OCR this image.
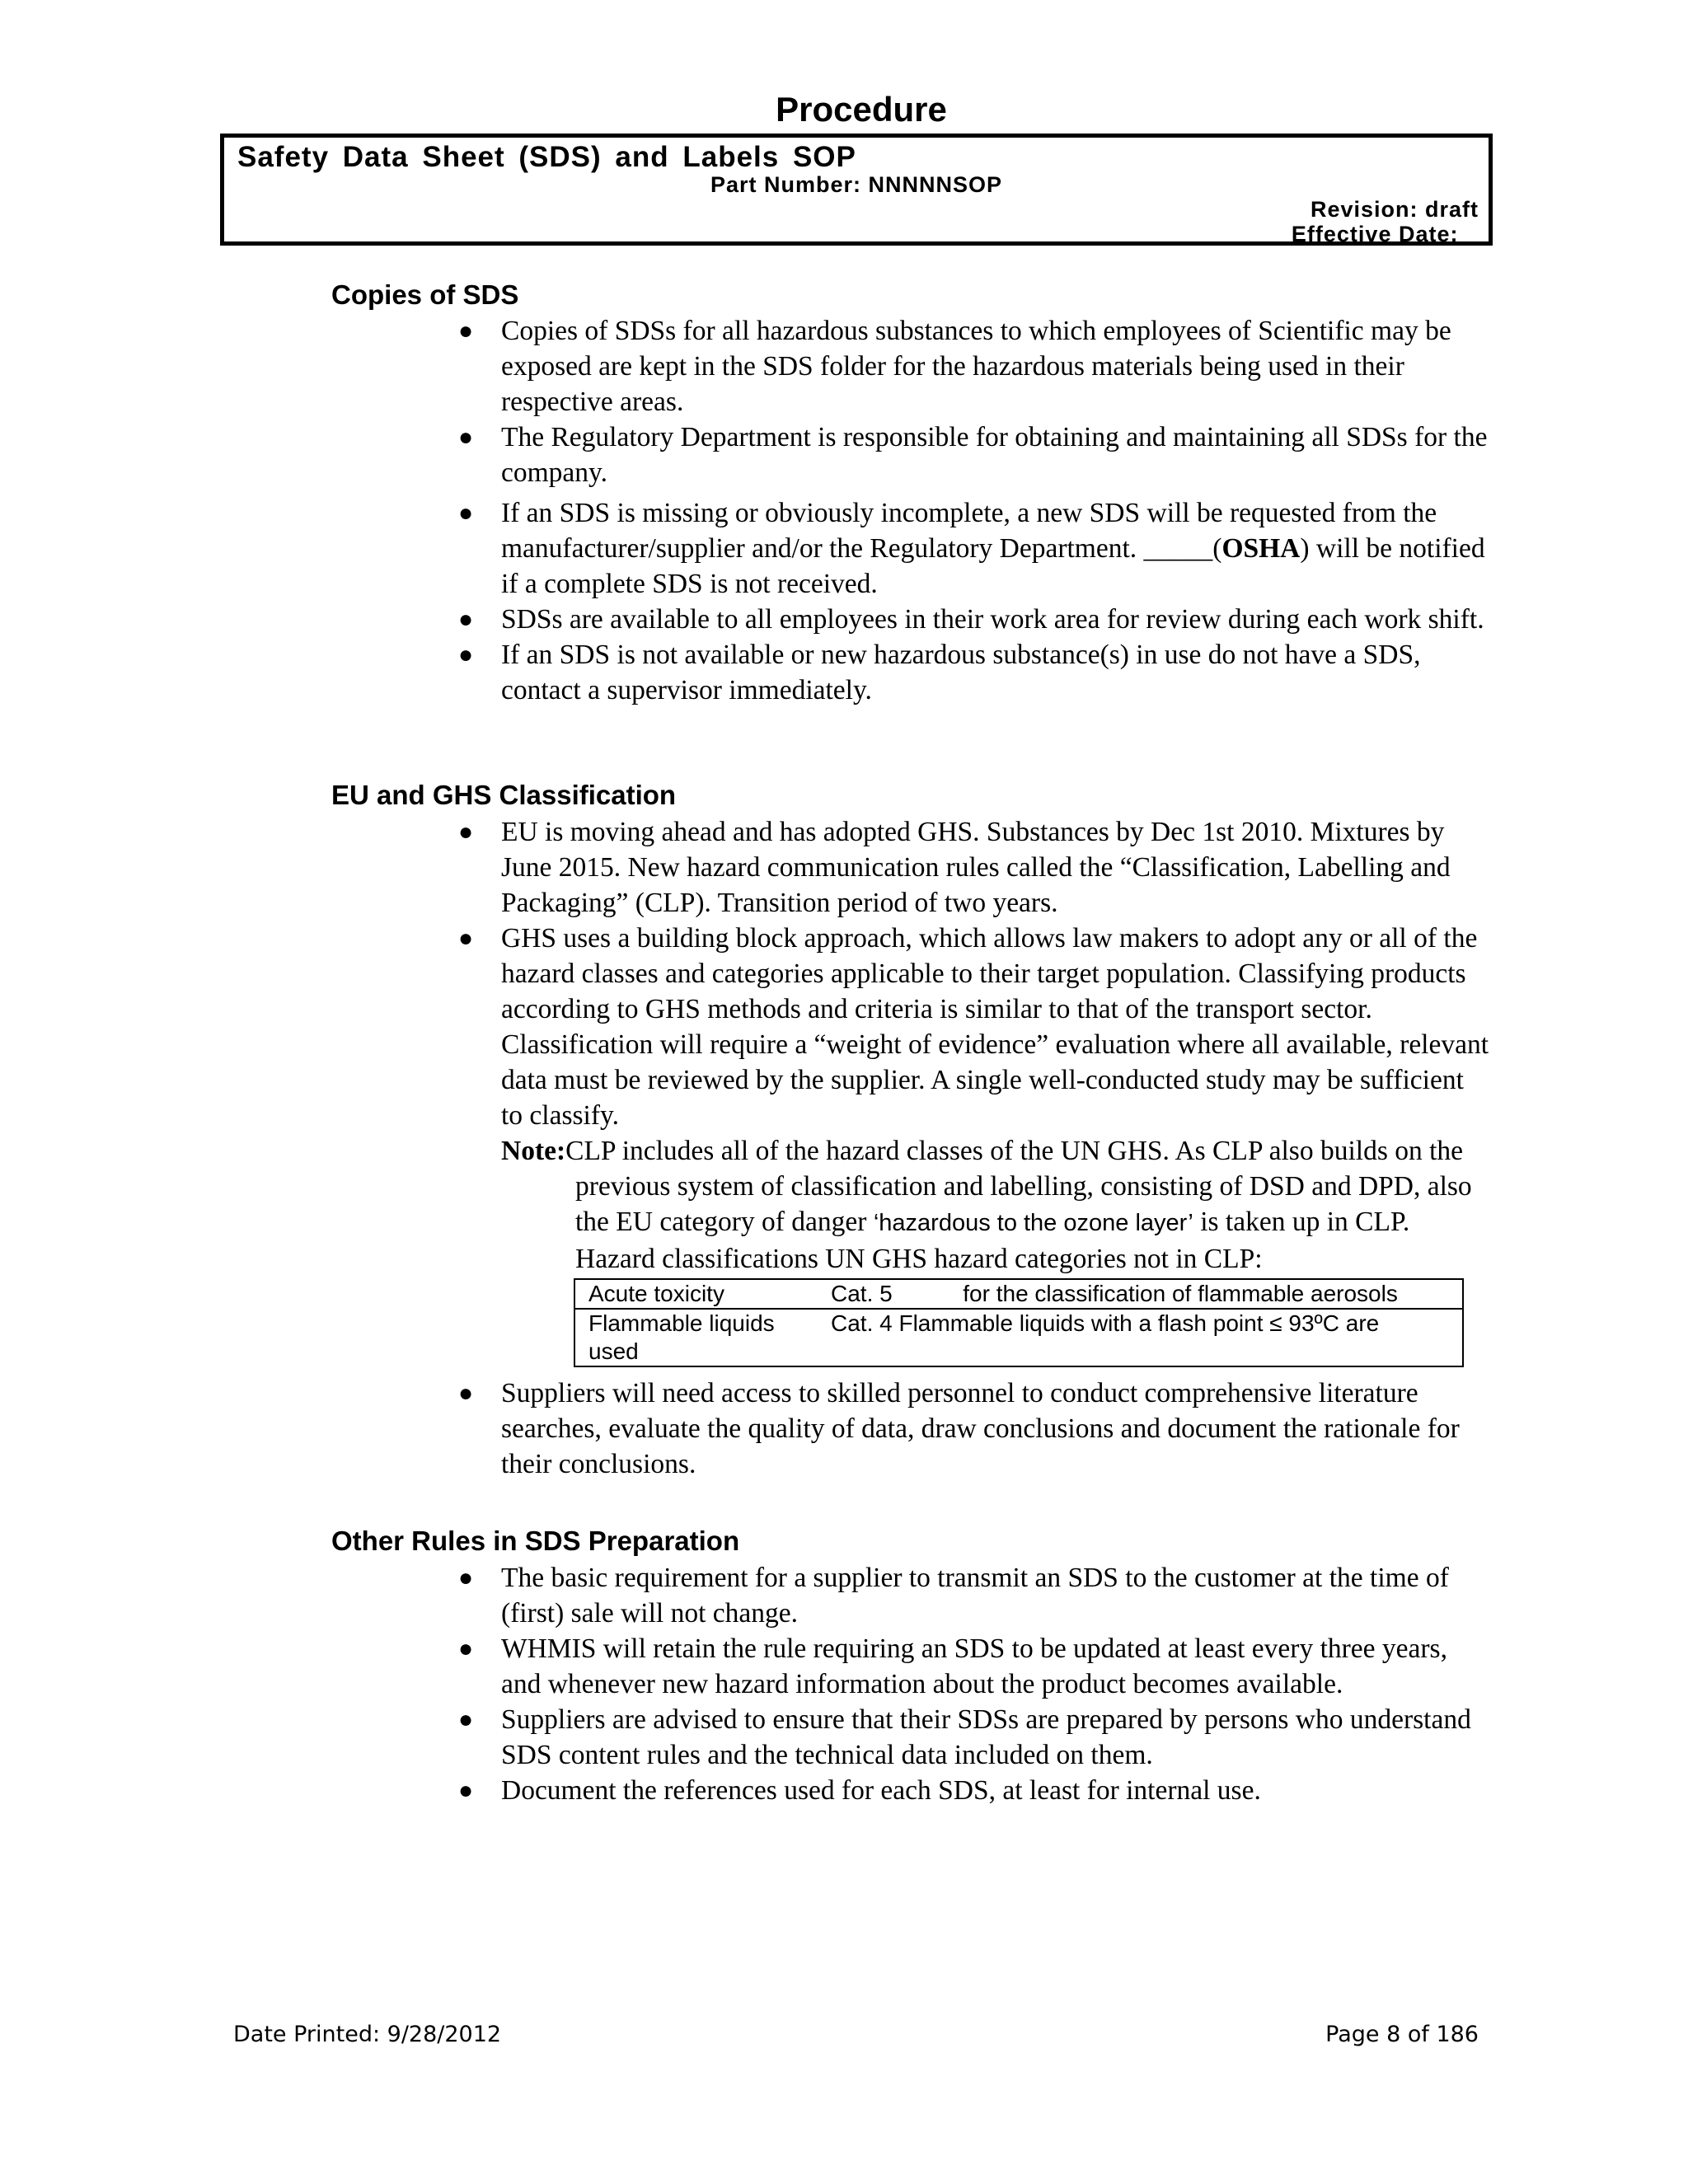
Procedure
Safety Data Sheet (SDS) and Labels SOP
Part Number: NNNNNSOP
Revision: draft
Effective Date: _
Copies of SDS
● Copies of SDSs for all hazardous substances to which employees of Scientific may be exposed are kept in the SDS folder for the hazardous materials being used in their respective areas.
● The Regulatory Department is responsible for obtaining and maintaining all SDSs for the company.
● If an SDS is missing or obviously incomplete, a new SDS will be requested from the manufacturer/supplier and/or the Regulatory Department. _____(OSHA) will be notified if a complete SDS is not received.
● SDSs are available to all employees in their work area for review during each work shift.
● If an SDS is not available or new hazardous substance(s) in use do not have a SDS, contact a supervisor immediately.
EU and GHS Classification
● EU is moving ahead and has adopted GHS. Substances by Dec 1st 2010. Mixtures by June 2015. New hazard communication rules called the “Classification, Labelling and Packaging” (CLP). Transition period of two years.
● GHS uses a building block approach, which allows law makers to adopt any or all of the hazard classes and categories applicable to their target population. Classifying products according to GHS methods and criteria is similar to that of the transport sector. Classification will require a “weight of evidence” evaluation where all available, relevant data must be reviewed by the supplier. A single well-conducted study may be sufficient to classify.
Note:CLP includes all of the hazard classes of the UN GHS. As CLP also builds on the previous system of classification and labelling, consisting of DSD and DPD, also the EU category of danger ‘hazardous to the ozone layer’ is taken up in CLP. Hazard classifications UN GHS hazard categories not in CLP:
Acute toxicity	Cat. 5           for the classification of flammable aerosols
Flammable liquids used	Cat. 4 Flammable liquids with a flash point ≤ 93ºC are
● Suppliers will need access to skilled personnel to conduct comprehensive literature searches, evaluate the quality of data, draw conclusions and document the rationale for their conclusions.
Other Rules in SDS Preparation
● The basic requirement for a supplier to transmit an SDS to the customer at the time of (first) sale will not change.
● WHMIS will retain the rule requiring an SDS to be updated at least every three years, and whenever new hazard information about the product becomes available.
● Suppliers are advised to ensure that their SDSs are prepared by persons who understand SDS content rules and the technical data included on them.
● Document the references used for each SDS, at least for internal use.
Date Printed: 9/28/2012	Page 8 of 186
